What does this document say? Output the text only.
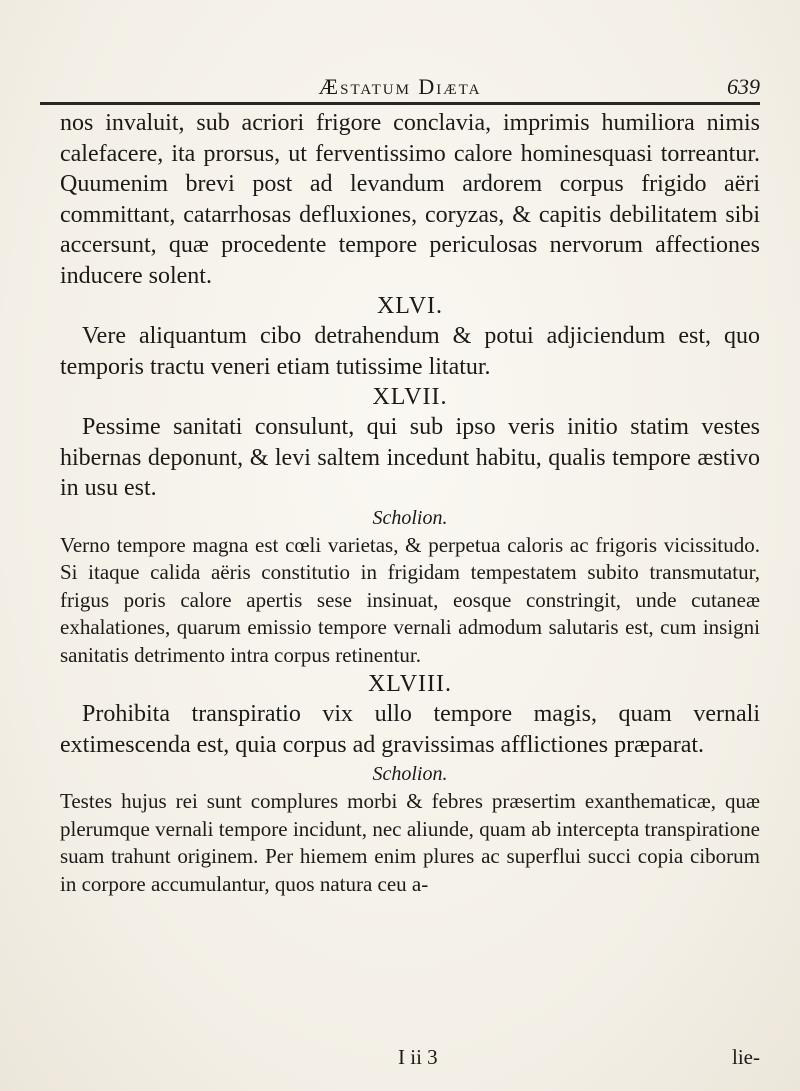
Æstatum Diæta	639

nos invaluit, sub acriori frigore conclavia, imprimis humiliora nimis calefacere, ita prorsus, ut ferventissimo calore hominesquasi torreantur. Quumenim brevi post ad levandum ardorem corpus frigido aëri committant, catarrhosas defluxiones, coryzas, & capitis debilitatem sibi accersunt, quæ procedente tempore periculosas nervorum affectiones inducere solent.

XLVI.

Vere aliquantum cibo detrahendum & potui adjiciendum est, quo temporis tractu veneri etiam tutissime litatur.

XLVII.

Pessime sanitati consulunt, qui sub ipso veris initio statim vestes hibernas deponunt, & levi saltem incedunt habitu, qualis tempore æstivo in usu est.

Scholion.

Verno tempore magna est cœli varietas, & perpetua caloris ac frigoris vicissitudo. Si itaque calida aëris constitutio in frigidam tempestatem subito transmutatur, frigus poris calore apertis sese insinuat, eosque constringit, unde cutaneæ exhalationes, quarum emissio tempore vernali admodum salutaris est, cum insigni sanitatis detrimento intra corpus retinentur.

XLVIII.

Prohibita transpiratio vix ullo tempore magis, quam vernali extimescenda est, quia corpus ad gravissimas afflictiones præparat.

Scholion.

Testes hujus rei sunt complures morbi & febres præsertim exanthematicæ, quæ plerumque vernali tempore incidunt, nec aliunde, quam ab intercepta transpiratione suam trahunt originem. Per hiemem enim plures ac superflui succi copia ciborum in corpore accumulantur, quos natura ceu a-

I ii 3	lie-
